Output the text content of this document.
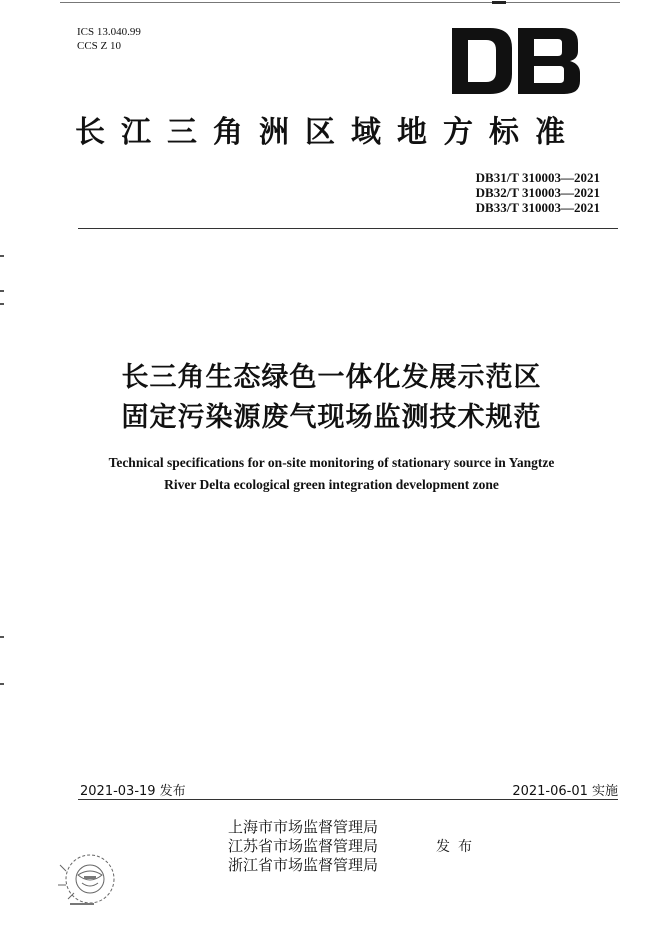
ICS 13.040.99
CCS Z 10
长江三角洲区域地方标准
DB31/T 310003—2021
DB32/T 310003—2021
DB33/T 310003—2021
长三角生态绿色一体化发展示范区
固定污染源废气现场监测技术规范
Technical specifications for on-site monitoring of stationary source in Yangtze
River Delta ecological green integration development zone
2021-03-19 发布	2021-06-01 实施
上海市市场监督管理局
江苏省市场监督管理局
浙江省市场监督管理局
发布
